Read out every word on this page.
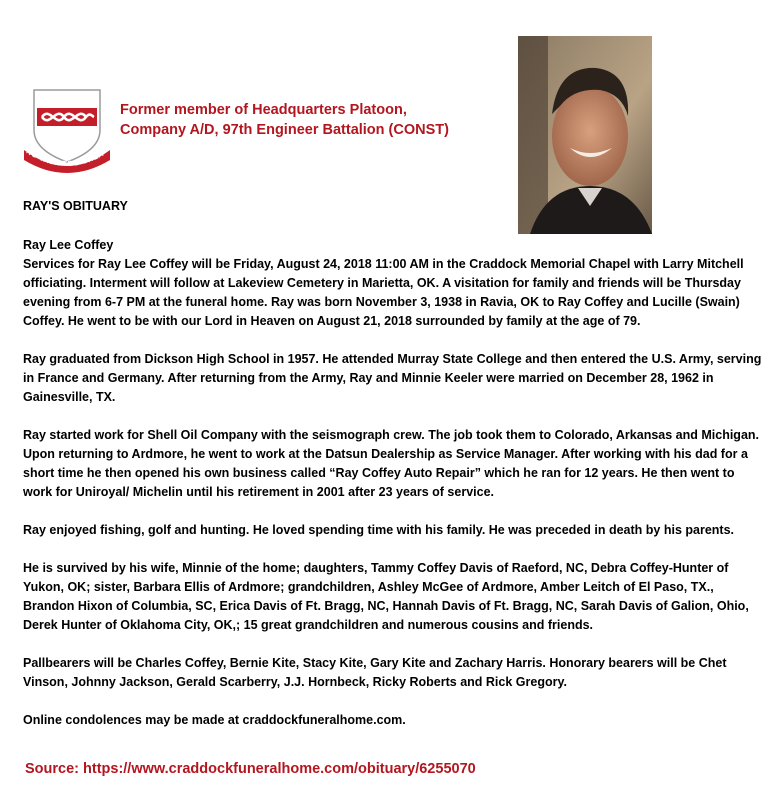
NO TASK TOO GREA
Former member of Headquarters Platoon,
Company A/D, 97th Engineer Battalion (CONST)
RAY'S OBITUARY

Ray Lee Coffey
Services for Ray Lee Coffey will be Friday, August 24, 2018 11:00 AM in the Craddock Memorial Chapel with Larry Mitchell officiating. Interment will follow at Lakeview Cemetery in Marietta, OK. A visitation for family and friends will be Thursday evening from 6-7 PM at the funeral home. Ray was born November 3, 1938 in Ravia, OK to Ray Coffey and Lucille (Swain) Coffey. He went to be with our Lord in Heaven on August 21, 2018 surrounded by family at the age of 79.

Ray graduated from Dickson High School in 1957. He attended Murray State College and then entered the U.S. Army, serving in France and Germany. After returning from the Army, Ray and Minnie Keeler were married on December 28, 1962 in Gainesville, TX.

Ray started work for Shell Oil Company with the seismograph crew. The job took them to Colorado, Arkansas and Michigan. Upon returning to Ardmore, he went to work at the Datsun Dealership as Service Manager. After working with his dad for a short time he then opened his own business called “Ray Coffey Auto Repair” which he ran for 12 years. He then went to work for Uniroyal/ Michelin until his retirement in 2001 after 23 years of service.

Ray enjoyed fishing, golf and hunting. He loved spending time with his family. He was preceded in death by his parents.

He is survived by his wife, Minnie of the home; daughters, Tammy Coffey Davis of Raeford, NC, Debra Coffey-Hunter of Yukon, OK; sister, Barbara Ellis of Ardmore; grandchildren, Ashley McGee of Ardmore, Amber Leitch of El Paso, TX., Brandon Hixon of Columbia, SC, Erica Davis of Ft. Bragg, NC, Hannah Davis of Ft. Bragg, NC, Sarah Davis of Galion, Ohio, Derek Hunter of Oklahoma City, OK,; 15 great grandchildren and numerous cousins and friends.

Pallbearers will be Charles Coffey, Bernie Kite, Stacy Kite, Gary Kite and Zachary Harris. Honorary bearers will be Chet Vinson, Johnny Jackson, Gerald Scarberry, J.J. Hornbeck, Ricky Roberts and Rick Gregory.

Online condolences may be made at craddockfuneralhome.com.

Source: https://www.craddockfuneralhome.com/obituary/6255070
